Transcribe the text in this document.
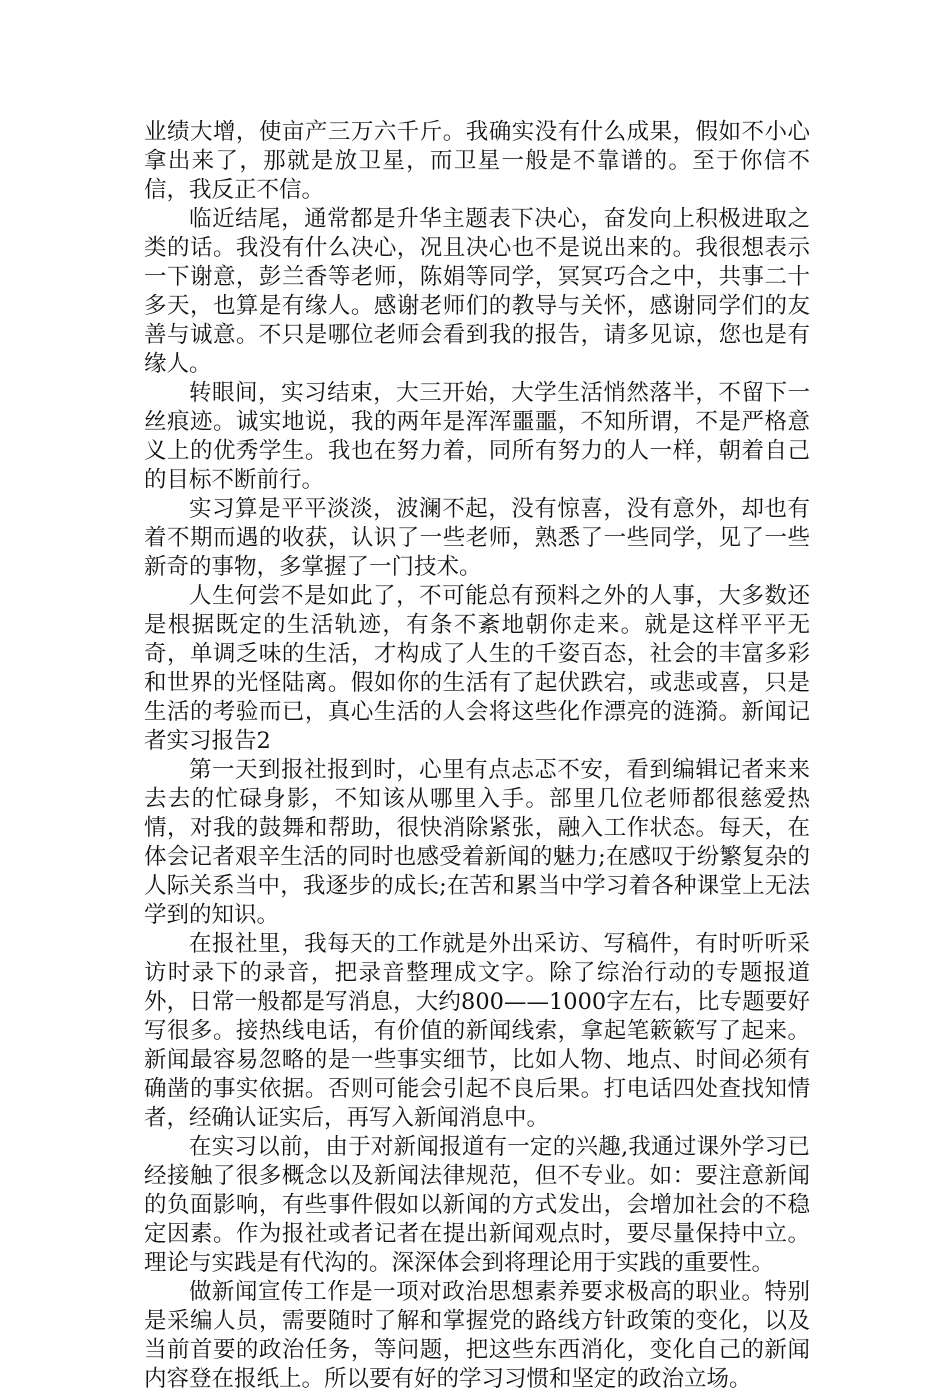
业绩大增，使亩产三万六千斤。我确实没有什么成果，假如不小心拿出来了，那就是放卫星，而卫星一般是不靠谱的。至于你信不信，我反正不信。

临近结尾，通常都是升华主题表下决心，奋发向上积极进取之类的话。我没有什么决心，况且决心也不是说出来的。我很想表示一下谢意，彭兰香等老师，陈娟等同学，冥冥巧合之中，共事二十多天，也算是有缘人。感谢老师们的教导与关怀，感谢同学们的友善与诚意。不只是哪位老师会看到我的报告，请多见谅，您也是有缘人。

转眼间，实习结束，大三开始，大学生活悄然落半，不留下一丝痕迹。诚实地说，我的两年是浑浑噩噩，不知所谓，不是严格意义上的优秀学生。我也在努力着，同所有努力的人一样，朝着自己的目标不断前行。

实习算是平平淡淡，波澜不起，没有惊喜，没有意外，却也有着不期而遇的收获，认识了一些老师，熟悉了一些同学，见了一些新奇的事物，多掌握了一门技术。

人生何尝不是如此了，不可能总有预料之外的人事，大多数还是根据既定的生活轨迹，有条不紊地朝你走来。就是这样平平无奇，单调乏味的生活，才构成了人生的千姿百态，社会的丰富多彩和世界的光怪陆离。假如你的生活有了起伏跌宕，或悲或喜，只是生活的考验而已，真心生活的人会将这些化作漂亮的涟漪。新闻记者实习报告2

第一天到报社报到时，心里有点忐忑不安，看到编辑记者来来去去的忙碌身影，不知该从哪里入手。部里几位老师都很慈爱热情，对我的鼓舞和帮助，很快消除紧张，融入工作状态。每天，在体会记者艰辛生活的同时也感受着新闻的魅力;在感叹于纷繁复杂的人际关系当中，我逐步的成长;在苦和累当中学习着各种课堂上无法学到的知识。

在报社里，我每天的工作就是外出采访、写稿件，有时听听采访时录下的录音，把录音整理成文字。除了综治行动的专题报道外，日常一般都是写消息，大约800——1000字左右，比专题要好写很多。接热线电话，有价值的新闻线索，拿起笔簌簌写了起来。新闻最容易忽略的是一些事实细节，比如人物、地点、时间必须有确凿的事实依据。否则可能会引起不良后果。打电话四处查找知情者，经确认证实后，再写入新闻消息中。

在实习以前，由于对新闻报道有一定的兴趣,我通过课外学习已经接触了很多概念以及新闻法律规范，但不专业。如：要注意新闻的负面影响，有些事件假如以新闻的方式发出，会增加社会的不稳定因素。作为报社或者记者在提出新闻观点时，要尽量保持中立。理论与实践是有代沟的。深深体会到将理论用于实践的重要性。

做新闻宣传工作是一项对政治思想素养要求极高的职业。特别是采编人员，需要随时了解和掌握党的路线方针政策的变化，以及当前首要的政治任务，等问题，把这些东西消化，变化自己的新闻内容登在报纸上。所以要有好的学习习惯和坚定的政治立场。
